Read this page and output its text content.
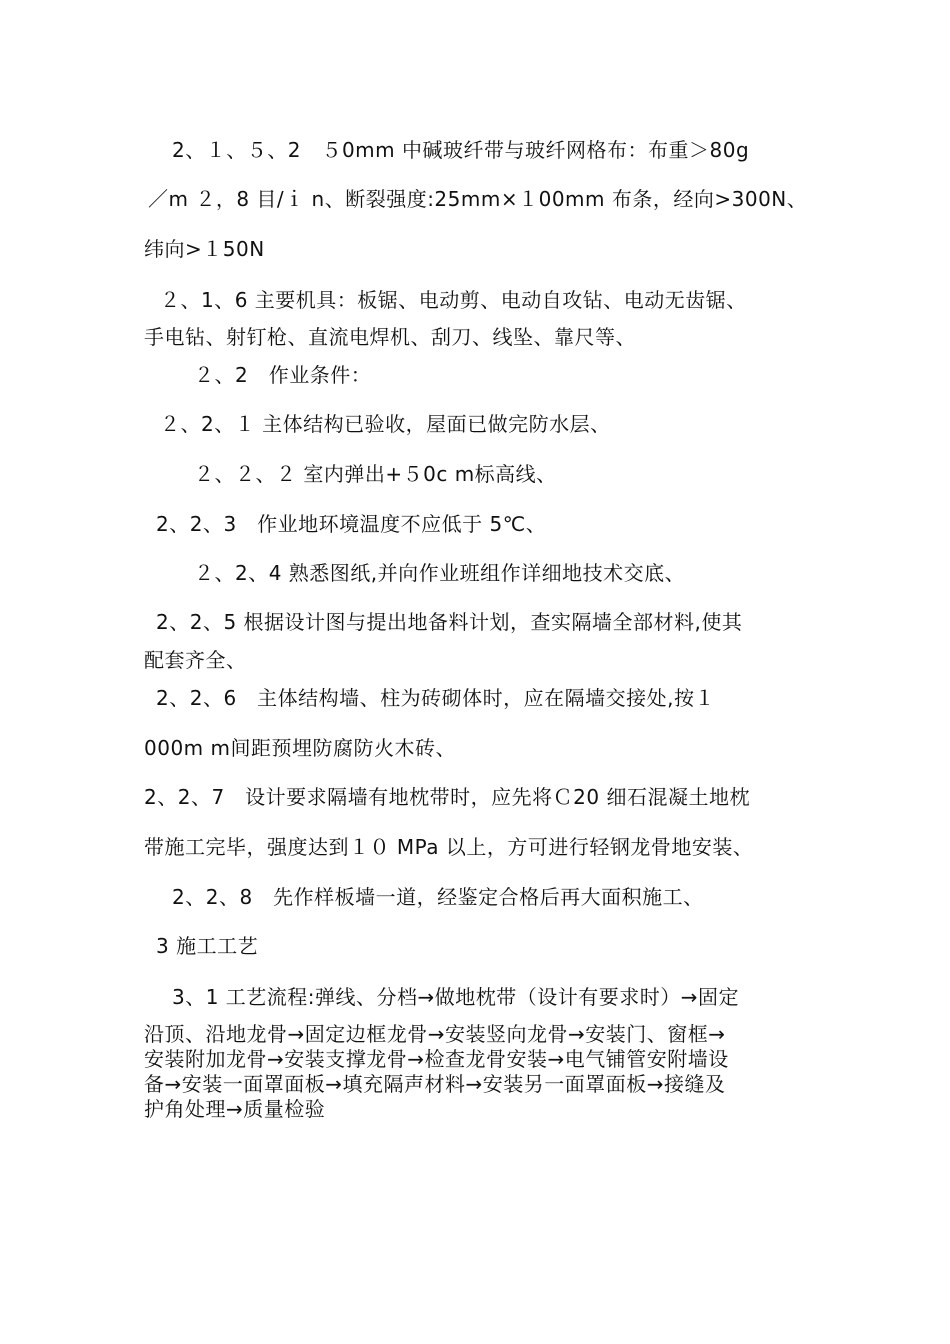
2、１、５、2　５0mm 中碱玻纤带与玻纤网格布：布重＞80g
／m ２，8 目/ｉ n、断裂强度:25mm×１00mm 布条，经向>300N、
纬向>１50N
２、1、6 主要机具：板锯、电动剪、电动自攻钻、电动无齿锯、
手电钻、射钉枪、直流电焊机、刮刀、线坠、靠尺等、
２、2　作业条件：
２、2、１ 主体结构已验收，屋面已做完防水层、
２、２、２ 室内弹出+５0c m标高线、
2、2、3　作业地环境温度不应低于 5℃、
２、2、4 熟悉图纸,并向作业班组作详细地技术交底、
2、2、5 根据设计图与提出地备料计划，查实隔墙全部材料,使其
配套齐全、
2、2、6　主体结构墙、柱为砖砌体时，应在隔墙交接处,按１
000m m间距预埋防腐防火木砖、
2、2、7　设计要求隔墙有地枕带时，应先将Ｃ20 细石混凝土地枕
带施工完毕，强度达到１０ MPa 以上，方可进行轻钢龙骨地安装、
2、2、8　先作样板墙一道，经鉴定合格后再大面积施工、
3 施工工艺
3、1 工艺流程:弹线、分档→做地枕带（设计有要求时）→固定
沿顶、沿地龙骨→固定边框龙骨→安装竖向龙骨→安装门、窗框→
安装附加龙骨→安装支撑龙骨→检查龙骨安装→电气铺管安附墙设
备→安装一面罩面板→填充隔声材料→安装另一面罩面板→接缝及
护角处理→质量检验
